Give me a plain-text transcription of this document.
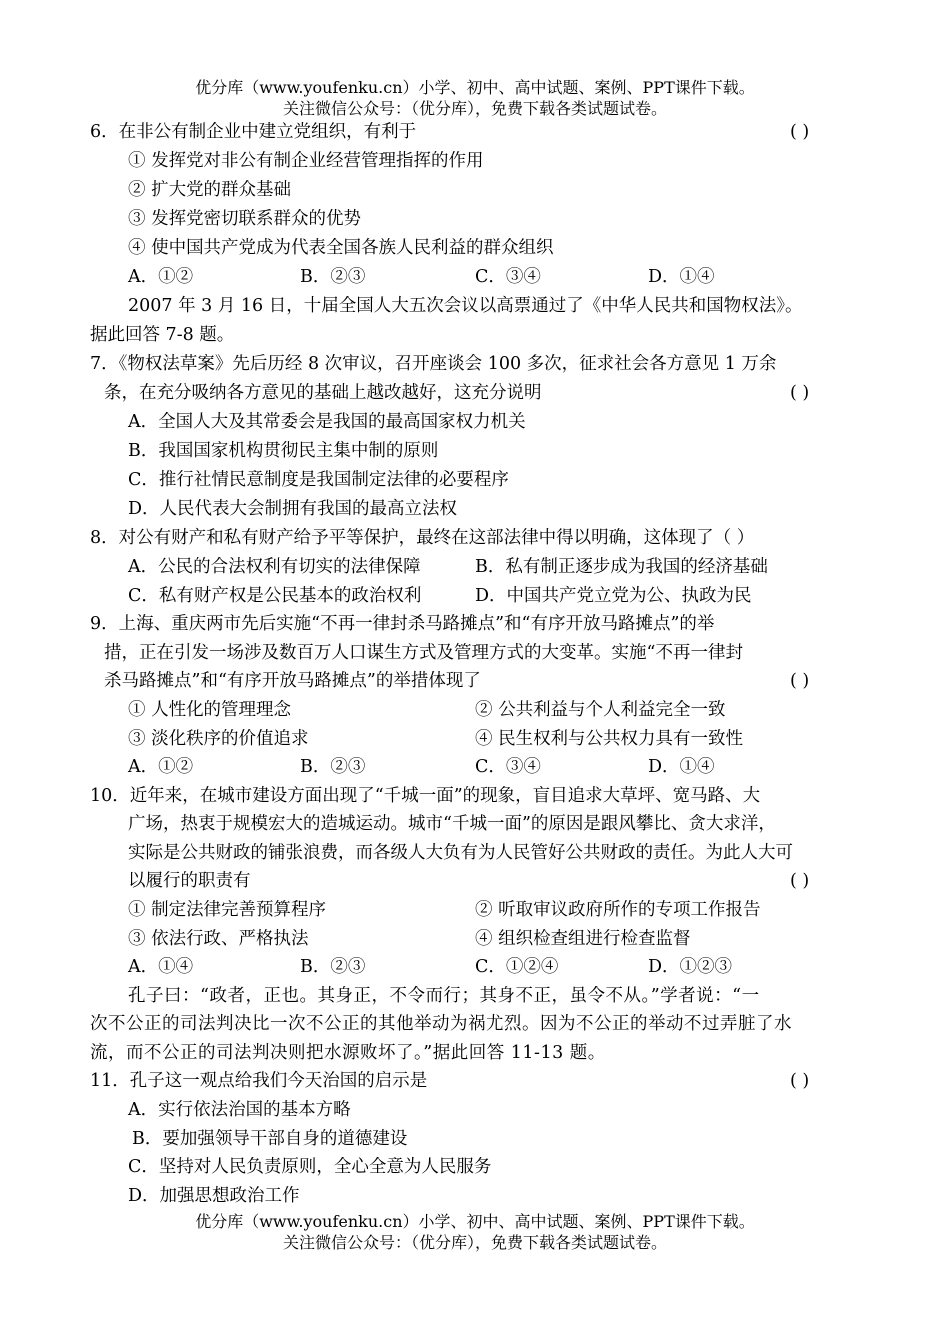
优分库（www.youfenku.cn）小学、初中、高中试题、案例、PPT课件下载。
关注微信公众号：（优分库），免费下载各类试题试卷。
6．在非公有制企业中建立党组织，有利于	( )
① 发挥党对非公有制企业经营管理指挥的作用
② 扩大党的群众基础
③ 发挥党密切联系群众的优势
④ 使中国共产党成为代表全国各族人民利益的群众组织
A．①②	B．②③	C．③④	D．①④
2007 年 3 月 16 日，十届全国人大五次会议以高票通过了《中华人民共和国物权法》。
据此回答 7-8 题。
7．《物权法草案》先后历经 8 次审议，召开座谈会 100 多次，征求社会各方意见 1 万余
条，在充分吸纳各方意见的基础上越改越好，这充分说明	( )
A．全国人大及其常委会是我国的最高国家权力机关
B．我国国家机构贯彻民主集中制的原则
C．推行社情民意制度是我国制定法律的必要程序
D．人民代表大会制拥有我国的最高立法权
8．对公有财产和私有财产给予平等保护，最终在这部法律中得以明确，这体现了（ ）
A．公民的合法权利有切实的法律保障	B．私有制正逐步成为我国的经济基础
C．私有财产权是公民基本的政治权利	D．中国共产党立党为公、执政为民
9．上海、重庆两市先后实施“不再一律封杀马路摊点”和“有序开放马路摊点”的举
措，正在引发一场涉及数百万人口谋生方式及管理方式的大变革。实施“不再一律封
杀马路摊点”和“有序开放马路摊点”的举措体现了	( )
① 人性化的管理理念	② 公共利益与个人利益完全一致
③ 淡化秩序的价值追求	④ 民生权利与公共权力具有一致性
A．①②	B．②③	C．③④	D．①④
10．近年来，在城市建设方面出现了“千城一面”的现象，盲目追求大草坪、宽马路、大
广场，热衷于规模宏大的造城运动。城市“千城一面”的原因是跟风攀比、贪大求洋，
实际是公共财政的铺张浪费，而各级人大负有为人民管好公共财政的责任。为此人大可
以履行的职责有	( )
① 制定法律完善预算程序	② 听取审议政府所作的专项工作报告
③ 依法行政、严格执法	④ 组织检查组进行检查监督
A．①④	B．②③	C．①②④	D．①②③
孔子曰：“政者，正也。其身正，不令而行；其身不正，虽令不从。”学者说：“一
次不公正的司法判决比一次不公正的其他举动为祸尤烈。因为不公正的举动不过弄脏了水
流，而不公正的司法判决则把水源败坏了。”据此回答 11-13 题。
11．孔子这一观点给我们今天治国的启示是	( )
A．实行依法治国的基本方略
B．要加强领导干部自身的道德建设
C．坚持对人民负责原则，全心全意为人民服务
D．加强思想政治工作
优分库（www.youfenku.cn）小学、初中、高中试题、案例、PPT课件下载。
关注微信公众号：（优分库），免费下载各类试题试卷。
